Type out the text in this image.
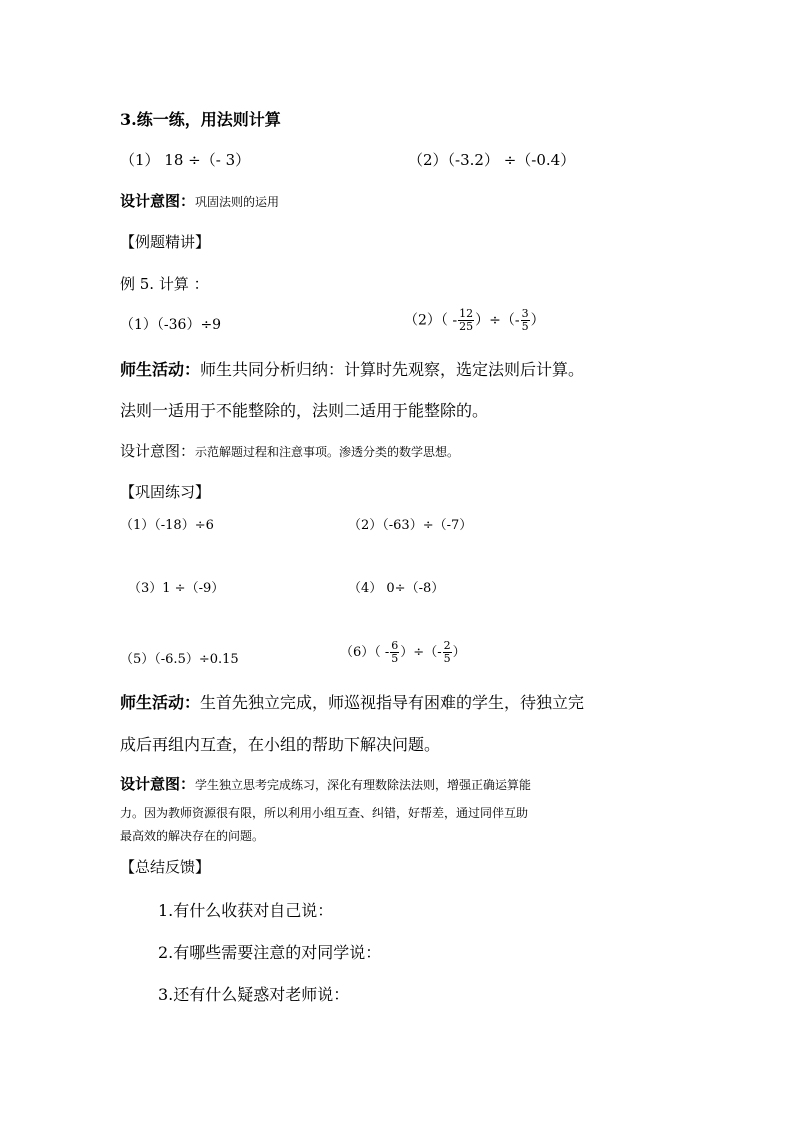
3.练一练，用法则计算
（1） 18 ÷（- 3）	（2）（-3.2） ÷（-0.4）
设计意图：巩固法则的运用
【例题精讲】
例 5. 计算 ：
（1）（-36）÷9	$(2)( - \frac{12}{25}$ ）÷（- $\frac{3}{5}$ ）
师生活动：师生共同分析归纳：计算时先观察，选定法则后计算。
法则一适用于不能整除的，法则二适用于能整除的。
设计意图：示范解题过程和注意事项。渗透分类的数学思想。
【巩固练习】
（1）（-18）÷6	（2）（-63）÷（-7）
（3）1 ÷（-9）	（4） 0÷（-8）
（5）（-6.5）÷0.15	$(6)( - \frac{6}{5}$ ）÷（- $\frac{2}{5}$ ）
师生活动：生首先独立完成，师巡视指导有困难的学生，待独立完
成后再组内互查，在小组的帮助下解决问题。
设计意图：学生独立思考完成练习，深化有理数除法法则，增强正确运算能
力。因为教师资源很有限，所以利用小组互查、纠错，好帮差，通过同伴互助
最高效的解决存在的问题。
【总结反馈】
1.有什么收获对自己说：
2.有哪些需要注意的对同学说：
3.还有什么疑惑对老师说：
